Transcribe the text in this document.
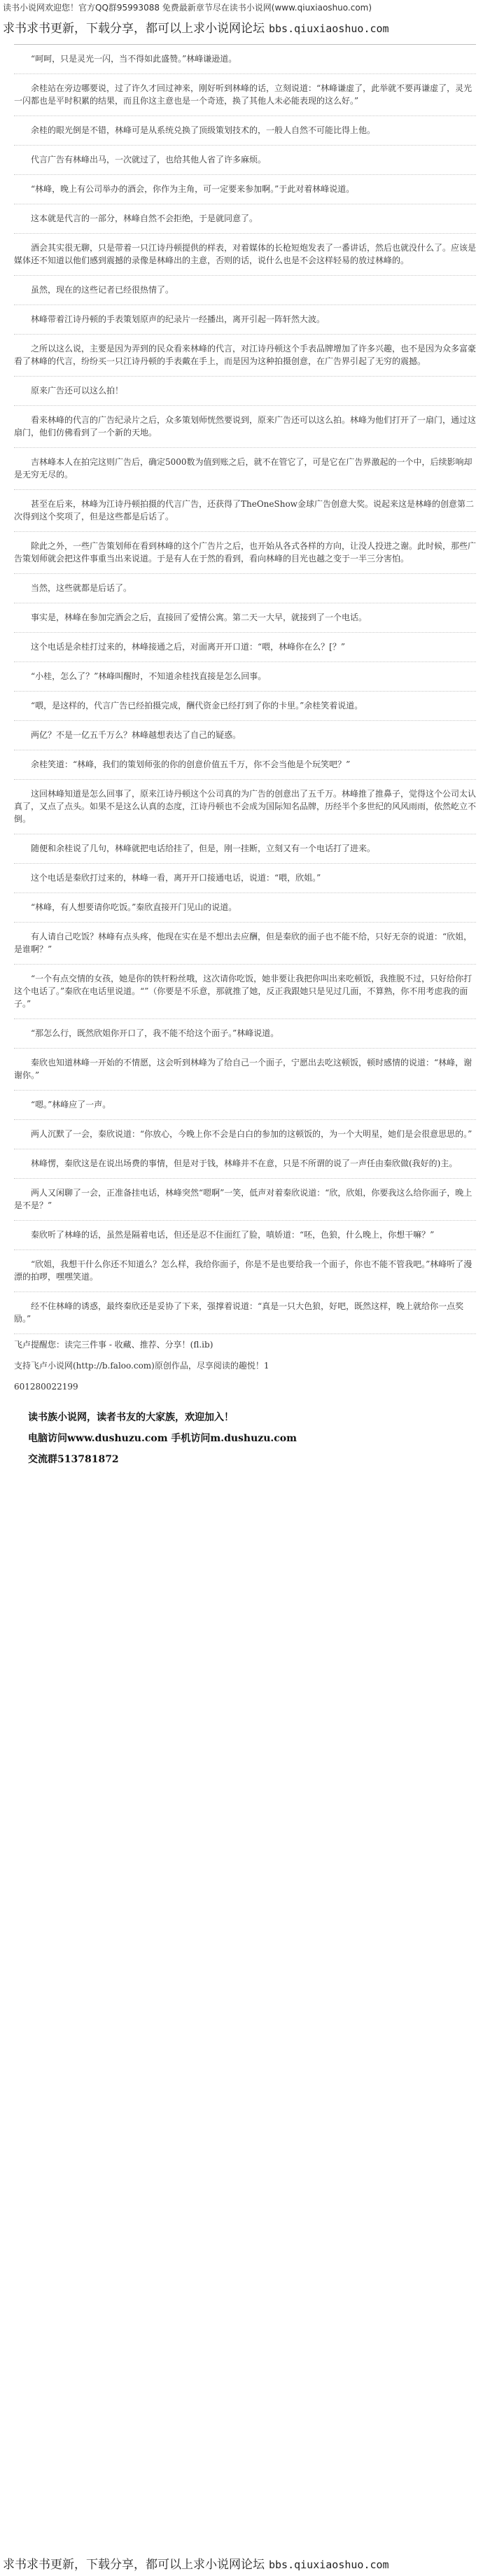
读书小说网欢迎您！官方QQ群95993088 免费最新章节尽在读书小说网(www.qiuxiaoshuo.com)
求书求书更新，下载分享，都可以上求小说网论坛 bbs.qiuxiaoshuo.com

“呵呵，只是灵光一闪，当不得如此盛赞。”林峰谦逊道。

余桂站在旁边哪要说，过了许久才回过神来，刚好听到林峰的话，立刻说道：“林峰谦虚了，此举就不要再谦虚了，灵光一闪都也是平时积累的结果，而且你这主意也是一个奇迹，换了其他人未必能表现的这么好。”

余桂的眼光倒是不错，林峰可是从系统兑换了顶级策划技术的，一般人自然不可能比得上他。

代言广告有林峰出马，一次就过了，也给其他人省了许多麻烦。

“林峰，晚上有公司举办的酒会，你作为主角，可一定要来参加啊。”于此对着林峰说道。

这本就是代言的一部分，林峰自然不会拒绝，于是就同意了。

酒会其实很无聊，只是带着一只江诗丹顿提供的样表，对着媒体的长枪短炮发表了一番讲话，然后也就没什么了。应该是媒体还不知道以他们感到震撼的录像是林峰出的主意，否则的话，说什么也是不会这样轻易的放过林峰的。

虽然，现在的这些记者已经很热情了。

林峰带着江诗丹顿的手表策划原声的纪录片一经播出，离开引起一阵轩然大波。

之所以这么说，主要是因为弄到的民众看来林峰的代言，对江诗丹顿这个手表品牌增加了许多兴趣，也不是因为众多富豪看了林峰的代言，纷纷买一只江诗丹顿的手表戴在手上，而是因为这种拍摄创意，在广告界引起了无穷的震撼。

原来广告还可以这么拍！

看来林峰的代言的广告纪录片之后，众多策划师恍然要说到，原来广告还可以这么拍。林峰为他们打开了一扇门，通过这扇门，他们仿佛看到了一个新的天地。

吉林峰本人在拍完这则广告后，确定5000数为值到账之后，就不在管它了，可是它在广告界激起的一个中，后续影响却是无穷无尽的。

甚至在后来，林峰为江诗丹顿拍摄的代言广告，还获得了TheOneShow金球广告创意大奖。说起来这是林峰的创意第二次得到这个奖项了，但是这些都是后话了。

除此之外，一些广告策划师在看到林峰的这个广告片之后，也开始从各式各样的方向，让没人投进之谢。此时候，那些广告策划师就会把这件事重当出来说道。于是有人在于然的看到，看向林峰的目光也越之变于一半三分害怕。

当然，这些就都是后话了。

事实是，林峰在参加完酒会之后，直接回了爱情公寓。第二天一大早，就接到了一个电话。

这个电话是余桂打过来的，林峰接通之后，对面离开开口道：“喂，林峰你在么？[？”

“小桂，怎么了？”林峰叫醒时，不知道余桂找直接是怎么回事。

“喂，是这样的，代言广告已经拍摄完成，酬代资金已经打到了你的卡里。”余桂笑着说道。

两亿？不是一亿五千万么？林峰越想表达了自己的疑惑。

余桂笑道：“林峰，我们的策划师张的你的创意价值五千万，你不会当他是个玩笑吧？”

这回林峰知道是怎么回事了，原来江诗丹顿这个公司真的为广告的创意出了五千万。林峰推了推鼻子，觉得这个公司太认真了，又点了点头。如果不是这么认真的态度，江诗丹顿也不会成为国际知名品牌，历经半个多世纪的风风雨雨，依然屹立不倒。

随便和余桂说了几句，林峰就把电话给挂了，但是，刚一挂断，立刻又有一个电话打了进来。

这个电话是秦欣打过来的，林峰一看，离开开口接通电话，说道：“喂，欣姐。”

“林峰，有人想要请你吃饭。”秦欣直接开门见山的说道。

有人请自己吃饭？林峰有点头疼，他现在实在是不想出去应酬，但是秦欣的面子也不能不给，只好无奈的说道：“欣姐，是谁啊？”

“一个有点交情的女孩，她是你的铁杆粉丝哦，这次请你吃饭，她非要让我把你叫出来吃顿饭，我推脱不过，只好给你打这个电话了。”秦欣在电话里说道。“”（你要是不乐意，那就推了她，反正我跟她只是见过几面，不算熟，你不用考虑我的面子。”

“那怎么行，既然欣姐你开口了，我不能不给这个面子。”林峰说道。

秦欣也知道林峰一开始的不情愿，这会听到林峰为了给自己一个面子，宁愿出去吃这顿饭，顿时感情的说道：“林峰，谢谢你。”

“嗯。”林峰应了一声。

两人沉默了一会，秦欣说道：“你放心，今晚上你不会是白白的参加的这顿饭的，为一个大明星，她们是会很意思思的。”

林峰愣，秦欣这是在说出场费的事情，但是对于钱，林峰并不在意，只是不所谓的说了一声任由秦欣做(我好的)主。

两人又闲聊了一会，正准备挂电话，林峰突然“嗯啊”一笑，低声对着秦欣说道：“欣，欣姐，你要我这么给你面子，晚上是不是？”

秦欣听了林峰的话，虽然是隔着电话，但还是忍不住面红了脸，嗔娇道：“呸，色狼，什么晚上，你想干嘛？”

“欣姐，我想干什么你还不知道么？怎么样，我给你面子，你是不是也要给我一个面子，你也不能不管我吧。”林峰听了漫漂的拍啰，嘿嘿笑道。

经不住林峰的诱惑，最终秦欣还是妥协了下来，强撑着说道：“真是一只大色狼，好吧，既然这样，晚上就给你一点奖励。”

飞卢提醒您：读完三件事 - 收藏、推荐、分享！(fl.ib)
支持飞卢小说网(http://b.faloo.com)原创作品，尽享阅读的趣悦！1
601280022199
读书族小说网，读者书友的大家族，欢迎加入！
电脑访问www.dushuzu.com 手机访问m.dushuzu.com
交流群513781872
求书求书更新，下载分享，都可以上求小说网论坛 bbs.qiuxiaoshuo.com
